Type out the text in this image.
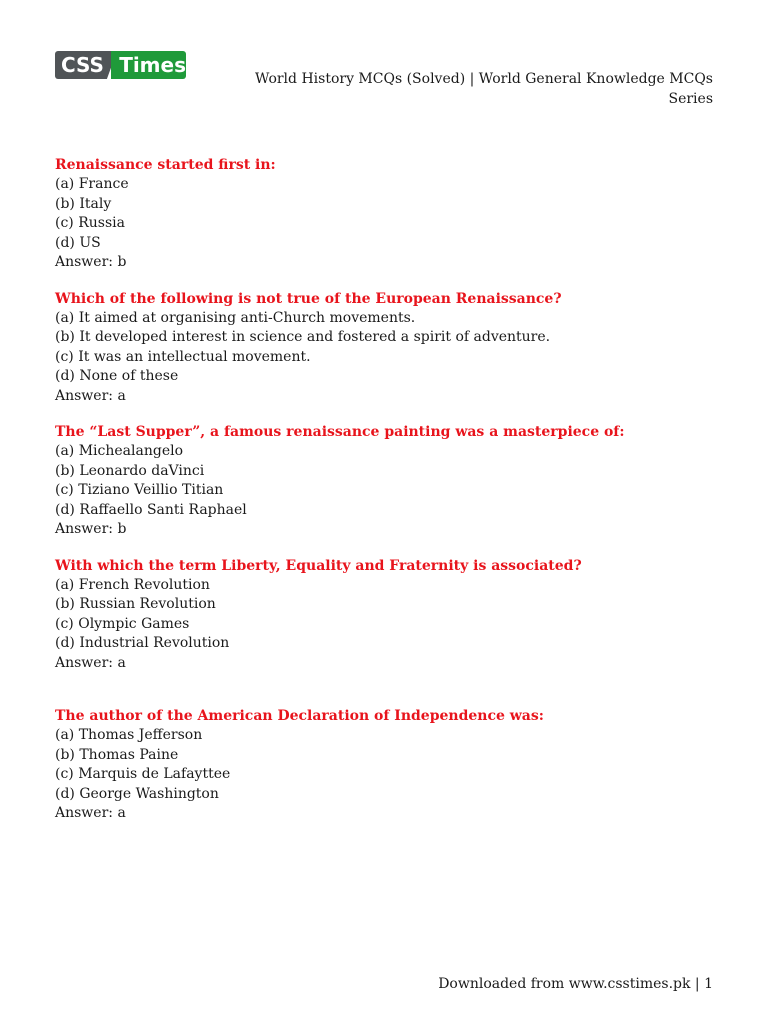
CSS Times
World History MCQs (Solved) | World General Knowledge MCQs
Series
Renaissance started first in:
(a) France
(b) Italy
(c) Russia
(d) US
Answer: b
Which of the following is not true of the European Renaissance?
(a) It aimed at organising anti-Church movements.
(b) It developed interest in science and fostered a spirit of adventure.
(c) It was an intellectual movement.
(d) None of these
Answer: a
The “Last Supper”, a famous renaissance painting was a masterpiece of:
(a) Michealangelo
(b) Leonardo daVinci
(c) Tiziano Veillio Titian
(d) Raffaello Santi Raphael
Answer: b
With which the term Liberty, Equality and Fraternity is associated?
(a) French Revolution
(b) Russian Revolution
(c) Olympic Games
(d) Industrial Revolution
Answer: a
The author of the American Declaration of Independence was:
(a) Thomas Jefferson
(b) Thomas Paine
(c) Marquis de Lafayttee
(d) George Washington
Answer: a
Downloaded from www.csstimes.pk | 1
